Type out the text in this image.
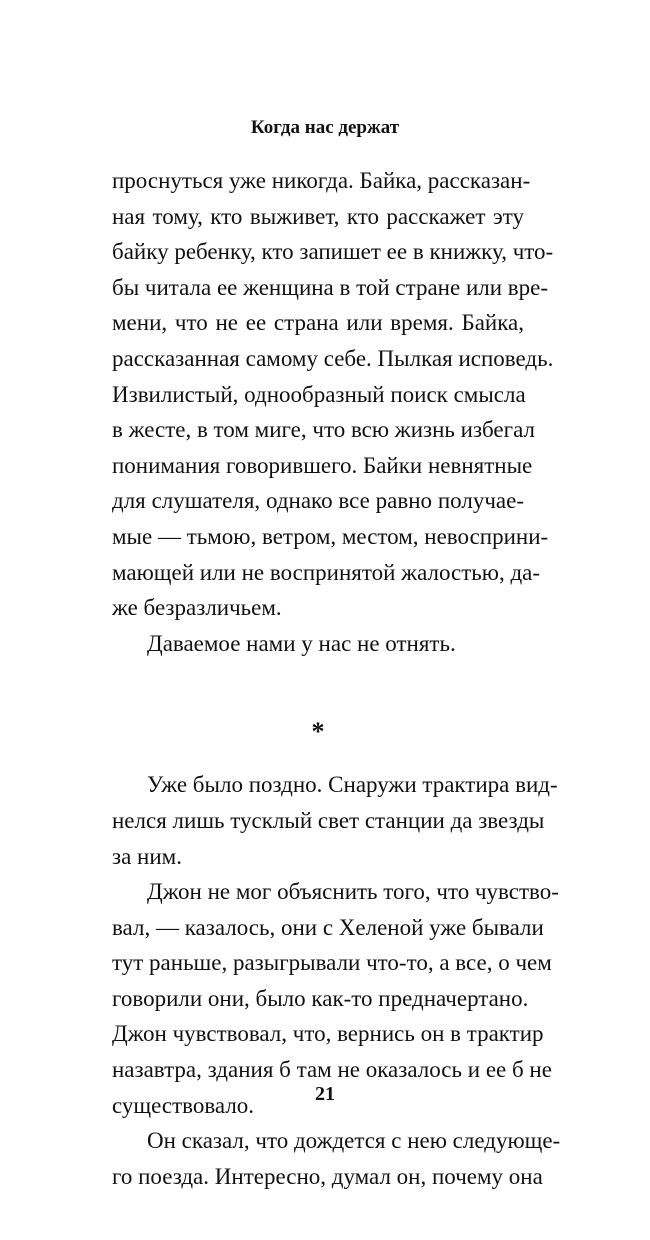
Когда нас держат
проснуться уже никогда. Байка, рассказан-
ная тому, кто выживет, кто расскажет эту
байку ребенку, кто запишет ее в книжку, что-
бы читала ее женщина в той стране или вре-
мени, что не ее страна или время. Байка,
рассказанная самому себе. Пылкая исповедь.
Извилистый, однообразный поиск смысла
в жесте, в том миге, что всю жизнь избегал
понимания говорившего. Байки невнятные
для слушателя, однако все равно получае-
мые — тьмою, ветром, местом, невосприни-
мающей или не воспринятой жалостью, да-
же безразличьем.
Даваемое нами у нас не отнять.
*
Уже было поздно. Снаружи трактира вид-
нелся лишь тусклый свет станции да звезды
за ним.
Джон не мог объяснить того, что чувство-
вал, — казалось, они с Хеленой уже бывали
тут раньше, разыгрывали что-то, а все, о чем
говорили они, было как-то предначертано.
Джон чувствовал, что, вернись он в трактир
назавтра, здания б там не оказалось и ее б не
существовало.
Он сказал, что дождется с нею следующе-
го поезда. Интересно, думал он, почему она
21
